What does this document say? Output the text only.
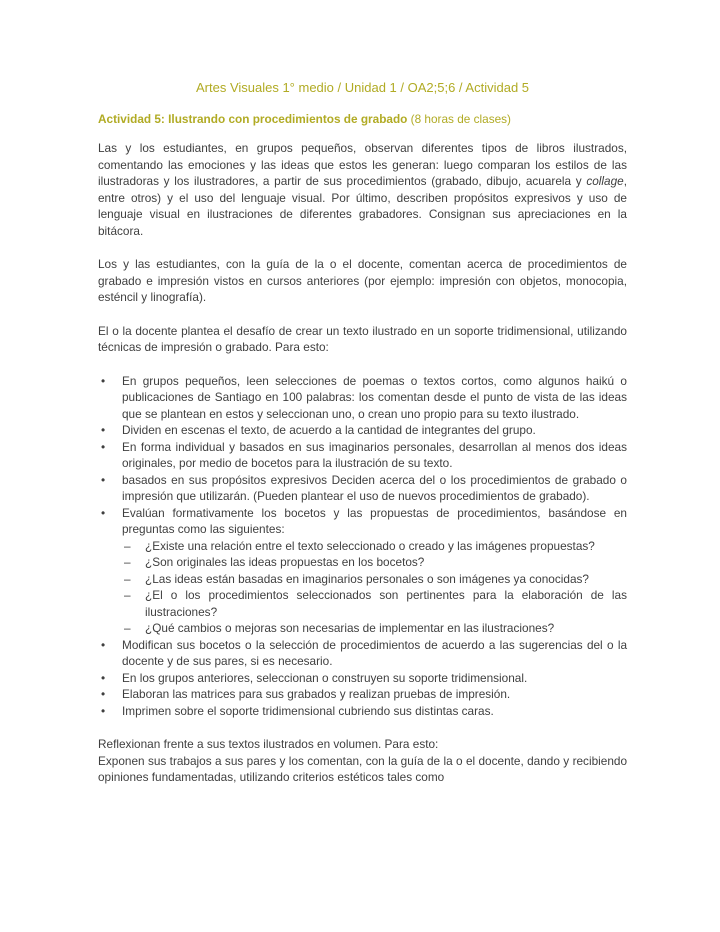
Artes Visuales 1° medio / Unidad 1 / OA2;5;6 / Actividad 5

Actividad 5: Ilustrando con procedimientos de grabado (8 horas de clases)

Las y los estudiantes, en grupos pequeños, observan diferentes tipos de libros ilustrados, comentando las emociones y las ideas que estos les generan: luego comparan los estilos de las ilustradoras y los ilustradores, a partir de sus procedimientos (grabado, dibujo, acuarela y collage, entre otros) y el uso del lenguaje visual. Por último, describen propósitos expresivos y uso de lenguaje visual en ilustraciones de diferentes grabadores. Consignan sus apreciaciones en la bitácora.

Los y las estudiantes, con la guía de la o el docente, comentan acerca de procedimientos de grabado e impresión vistos en cursos anteriores (por ejemplo: impresión con objetos, monocopia, esténcil y linografía).

El o la docente plantea el desafío de crear un texto ilustrado en un soporte tridimensional, utilizando técnicas de impresión o grabado. Para esto:

• En grupos pequeños, leen selecciones de poemas o textos cortos, como algunos haikú o publicaciones de Santiago en 100 palabras: los comentan desde el punto de vista de las ideas que se plantean en estos y seleccionan uno, o crean uno propio para su texto ilustrado.
• Dividen en escenas el texto, de acuerdo a la cantidad de integrantes del grupo.
• En forma individual y basados en sus imaginarios personales, desarrollan al menos dos ideas originales, por medio de bocetos para la ilustración de su texto.
• basados en sus propósitos expresivos Deciden acerca del o los procedimientos de grabado o impresión que utilizarán. (Pueden plantear el uso de nuevos procedimientos de grabado).
• Evalúan formativamente los bocetos y las propuestas de procedimientos, basándose en preguntas como las siguientes:
– ¿Existe una relación entre el texto seleccionado o creado y las imágenes propuestas?
– ¿Son originales las ideas propuestas en los bocetos?
– ¿Las ideas están basadas en imaginarios personales o son imágenes ya conocidas?
– ¿El o los procedimientos seleccionados son pertinentes para la elaboración de las ilustraciones?
– ¿Qué cambios o mejoras son necesarias de implementar en las ilustraciones?
• Modifican sus bocetos o la selección de procedimientos de acuerdo a las sugerencias del o la docente y de sus pares, si es necesario.
• En los grupos anteriores, seleccionan o construyen su soporte tridimensional.
• Elaboran las matrices para sus grabados y realizan pruebas de impresión.
• Imprimen sobre el soporte tridimensional cubriendo sus distintas caras.

Reflexionan frente a sus textos ilustrados en volumen. Para esto:
Exponen sus trabajos a sus pares y los comentan, con la guía de la o el docente, dando y recibiendo opiniones fundamentadas, utilizando criterios estéticos tales como
